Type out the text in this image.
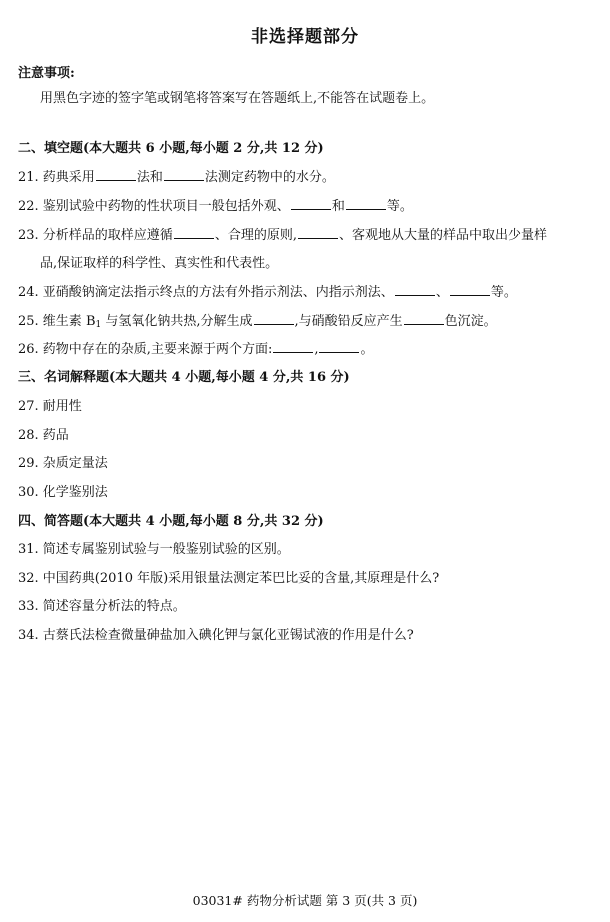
非选择题部分
注意事项:
用黑色字迹的签字笔或钢笔将答案写在答题纸上,不能答在试题卷上。
二、填空题(本大题共 6 小题,每小题 2 分,共 12 分)
21. 药典采用	法和	法测定药物中的水分。
22. 鉴别试验中药物的性状项目一般包括外观、	和	等。
23. 分析样品的取样应遵循	、合理的原则,	、客观地从大量的样品中取出少量样
品,保证取样的科学性、真实性和代表性。
24. 亚硝酸钠滴定法指示终点的方法有外指示剂法、内指示剂法、	、	等。
25. 维生素 $B_1$ 与氢氧化钠共热,分解生成	,与硝酸铅反应产生	色沉淀。
26. 药物中存在的杂质,主要来源于两个方面:	,	。
三、名词解释题(本大题共 4 小题,每小题 4 分,共 16 分)
27. 耐用性
28. 药品
29. 杂质定量法
30. 化学鉴别法
四、简答题(本大题共 4 小题,每小题 8 分,共 32 分)
31. 简述专属鉴别试验与一般鉴别试验的区别。
32. 中国药典(2010 年版)采用银量法测定苯巴比妥的含量,其原理是什么?
33. 简述容量分析法的特点。
34. 古蔡氏法检查微量砷盐加入碘化钾与氯化亚锡试液的作用是什么?
03031# 药物分析试题 第 3 页(共 3 页)
